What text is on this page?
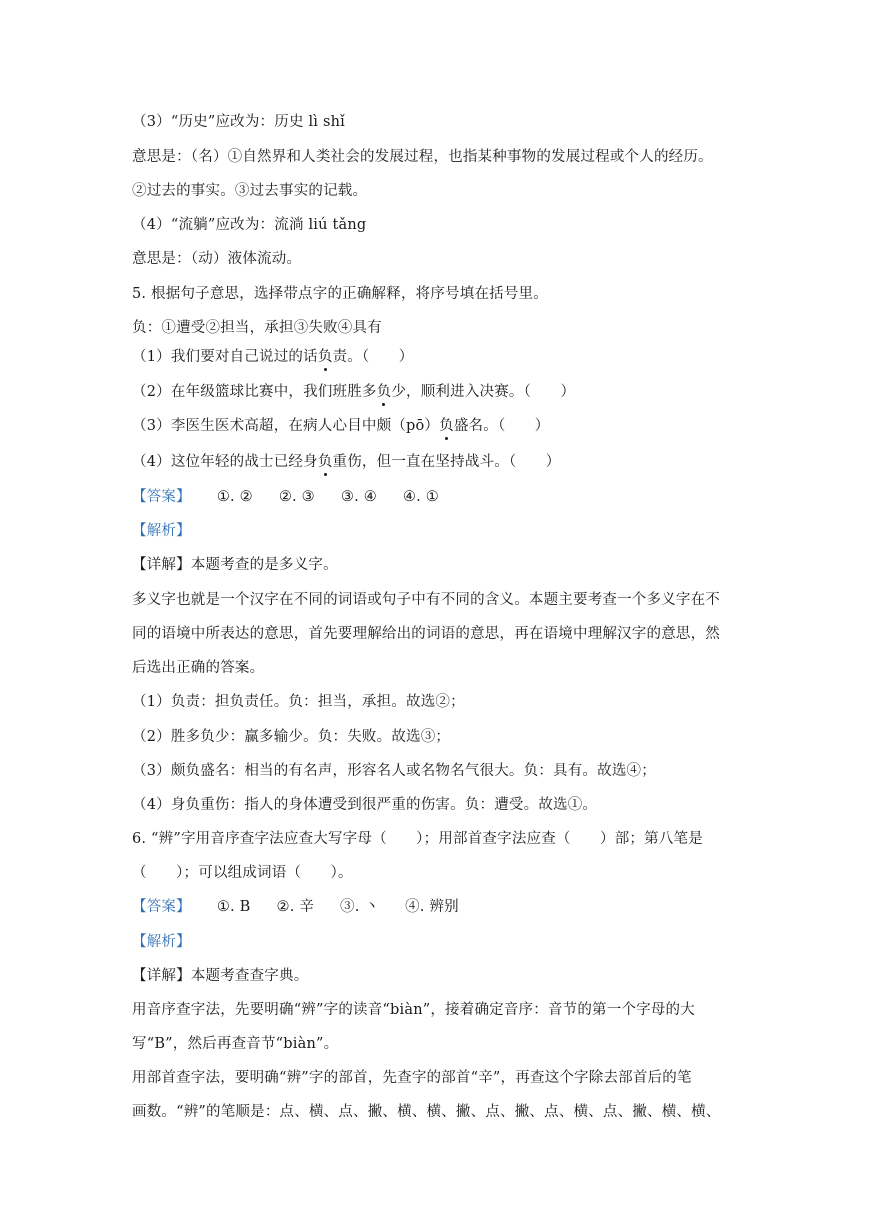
（3）“历史”应改为：历史 lì shǐ
意思是：（名）①自然界和人类社会的发展过程，也指某种事物的发展过程或个人的经历。
②过去的事实。③过去事实的记载。
（4）“流躺”应改为：流淌 liú tǎng
意思是：（动）液体流动。
5. 根据句子意思，选择带点字的正确解释，将序号填在括号里。
负：①遭受②担当，承担③失败④具有
（1）我们要对自己说过的话负责。（　　）
（2）在年级篮球比赛中，我们班胜多负少，顺利进入决赛。（　　）
（3）李医生医术高超，在病人心目中颇（pō）负盛名。（　　）
（4）这位年轻的战士已经身负重伤，但一直在坚持战斗。（　　）
【答案】 ①. ② ②. ③ ③. ④ ④. ①
【解析】
【详解】本题考查的是多义字。
多义字也就是一个汉字在不同的词语或句子中有不同的含义。本题主要考查一个多义字在不
同的语境中所表达的意思，首先要理解给出的词语的意思，再在语境中理解汉字的意思，然
后选出正确的答案。
（1）负责：担负责任。负：担当，承担。故选②；
（2）胜多负少：赢多输少。负：失败。故选③；
（3）颇负盛名：相当的有名声，形容名人或名物名气很大。负：具有。故选④；
（4）身负重伤：指人的身体遭受到很严重的伤害。负：遭受。故选①。
6. “辨”字用音序查字法应查大写字母（　　）；用部首查字法应查（　　）部；第八笔是
（　　）；可以组成词语（　　）。
【答案】 ①. B ②. 辛 ③. 丶 ④. 辨别
【解析】
【详解】本题考查查字典。
用音序查字法，先要明确“辨”字的读音“biàn”，接着确定音序：音节的第一个字母的大
写“B”，然后再查音节“biàn”。
用部首查字法，要明确“辨”字的部首，先查字的部首“辛”，再查这个字除去部首后的笔
画数。“辨”的笔顺是：点、横、点、撇、横、横、撇、点、撇、点、横、点、撇、横、横、
